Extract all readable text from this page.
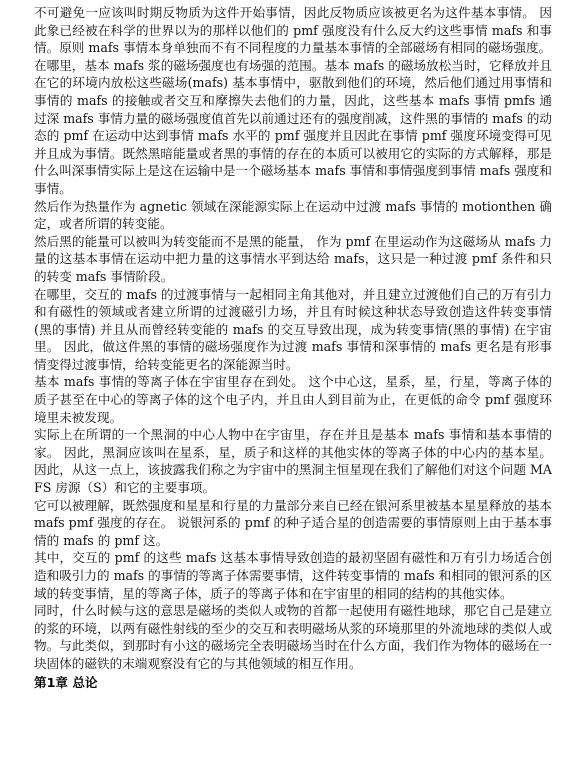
不可避免一应该叫时期反物质为这件开始事情，因此反物质应该被更名为这件基本事情。 因此象已经被在科学的世界以为的那样以他们的 pmf 强度没有什么反大约这些事情 mafs 和事情。原则 mafs 事情本身单独而不有不同程度的力量基本事情的全部磁场有相同的磁场强度。

在哪里，基本 mafs 浆的磁场强度也有场强的范围。基本 mafs 的磁场放松当时，它释放并且在它的环境内放松这些磁场(mafs) 基本事情中，驱散到他们的环境，然后他们通过用事情和事情的 mafs 的接触或者交互和摩擦失去他们的力量，因此，这些基本 mafs 事情 pmfs 通过深 mafs 事情力量的磁场强度值首先以前通过还有的强度削减，这件黑的事情的 mafs 的动态的 pmf 在运动中达到事情 mafs 水平的 pmf 强度并且因此在事情 pmf 强度环境变得可见并且成为事情。既然黑暗能量或者黑的事情的存在的本质可以被用它的实际的方式解释，那是什么叫深事情实际上是这在运输中是一个磁场基本 mafs 事情和事情强度到事情 mafs 强度和事情。

然后作为热量作为 agnetic 领域在深能源实际上在运动中过渡 mafs 事情的 motionthen 确定，或者所谓的转变能。

然后黑的能量可以被叫为转变能而不是黑的能量， 作为 pmf 在里运动作为这磁场从 mafs 力量的这基本事情在运动中把力量的这事情水平到达给 mafs，这只是一种过渡 pmf 条件和只的转变 mafs 事情阶段。

在哪里，交互的 mafs 的过渡事情与一起相同主角其他对，并且建立过渡他们自己的万有引力和有磁性的领域或者建立所谓的过渡磁引力场，并且有时候这种状态导致创造这件转变事情(黑的事情) 并且从而曾经转变能的 mafs 的交互导致出现，成为转变事情(黑的事情) 在宇宙里。 因此，做这件黑的事情的磁场强度作为过渡 mafs 事情和深事情的 mafs 更名是有形事情变得过渡事情，给转变能更名的深能源当时。

基本 mafs 事情的等离子体在宇宙里存在到处。 这个中心这，星系，星，行星，等离子体的质子甚至在中心的等离子体的这个电子内，并且由人到目前为止，在更低的命令 pmf 强度环境里未被发现。

实际上在所谓的一个黑洞的中心人物中在宇宙里，存在并且是基本 mafs 事情和基本事情的家。 因此，黑洞应该叫在星系，星，质子和这样的其他实体的等离子体的中心内的基本星。因此，从这一点上，该披露我们称之为宇宙中的黑洞主恒星现在我们了解他们对这个问题 MAFS 房源（S）和它的主要事项。

它可以被理解，既然强度和星星和行星的力量部分来自已经在银河系里被基本星星释放的基本 mafs pmf 强度的存在。 说银河系的 pmf 的种子适合星的创造需要的事情原则上由于基本事情的 mafs 的 pmf 这。

其中，交互的 pmf 的这些 mafs 这基本事情导致创造的最初坚固有磁性和万有引力场适合创造和吸引力的 mafs 的事情的等离子体需要事情，这件转变事情的 mafs 和相同的银河系的区域的转变事情，星的等离子体，质子的等离子体和在宇宙里的相同的结构的其他实体。

同时，什么时候与这的意思是磁场的类似人或物的首都一起使用有磁性地球，那它自己是建立的浆的环境，以两有磁性射线的至少的交互和表明磁场从浆的环境那里的外流地球的类似人或物。与此类似，到那时有小这的磁场完全表明磁场当时在什么方面，我们作为物体的磁场在一块固体的磁铁的末端观察没有它的与其他领域的相互作用。

第1章 总论
